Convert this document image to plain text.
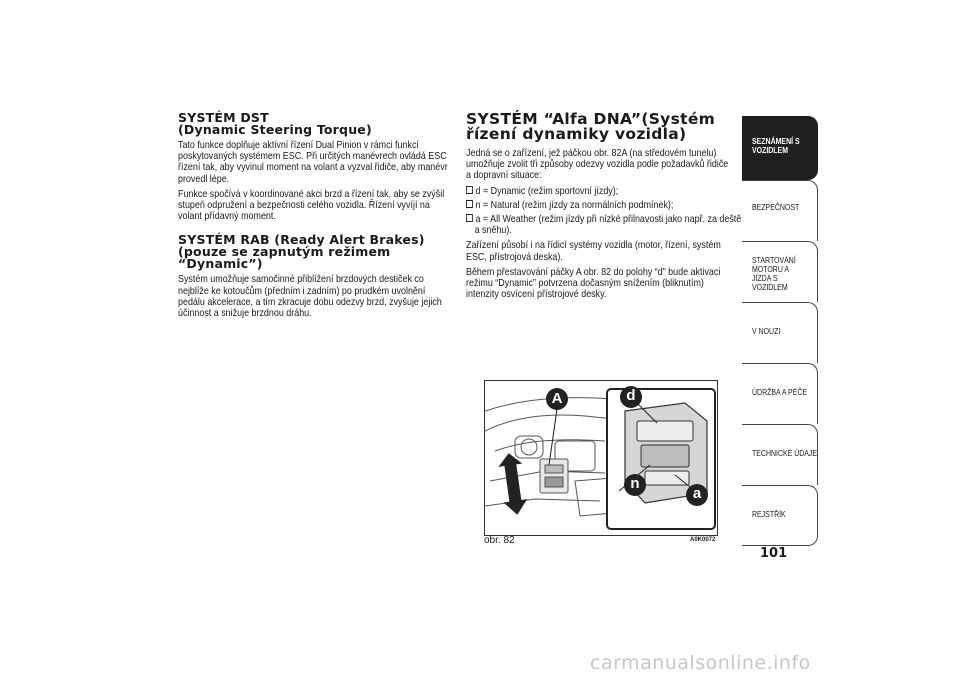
SYSTÉM DST
(Dynamic Steering Torque)

Tato funkce doplňuje aktivní řízení Dual Pinion v rámci funkcí poskytovaných systémem ESC. Při určitých manévrech ovládá ESC řízení tak, aby vyvinul moment na volant a vyzval řidiče, aby manévr provedl lépe.

Funkce spočívá v koordinované akci brzd a řízení tak, aby se zvýšil stupeň odpružení a bezpečnosti celého vozidla. Řízení vyvíjí na volant přídavný moment.

SYSTÉM RAB (Ready Alert Brakes)
(pouze se zapnutým režimem
“Dynamic”)

Systém umožňuje samočinné přiblížení brzdových destiček co nejblíže ke kotoučům (předním i zadním) po prudkém uvolnění pedálu akcelerace, a tím zkracuje dobu odezvy brzd, zvyšuje jejich účinnost a snižuje brzdnou dráhu.

SYSTÉM “Alfa DNA”(Systém
řízení dynamiky vozidla)

Jedná se o zařízení, jež páčkou obr. 82A (na středovém tunelu) umožňuje zvolit tři způsoby odezvy vozidla podle požadavků řidiče a dopravní situace:

d = Dynamic (režim sportovní jízdy);
n = Natural (režim jízdy za normálních podmínek);
a = All Weather (režim jízdy při nízké přilnavosti jako např. za deště a sněhu).

Zařízení působí i na řídicí systémy vozidla (motor, řízení, systém ESC, přístrojová deska).

Během přestavování páčky A obr. 82 do polohy “d” bude aktivaci režimu “Dynamic” potvrzena dočasným snížením (bliknutím) intenzity osvícení přístrojové desky.

A	d
n
a
obr. 82	A0K0072
SEZNÁMENÍ S VOZIDLEM
BEZPEČNOST
STARTOVÁNÍ MOTORU A JÍZDA S VOZIDLEM
V NOUZI
ÚDRŽBA A PÉČE
TECHNICKÉ ÚDAJE
REJSTŘÍK
101
carmanualsonline.info
